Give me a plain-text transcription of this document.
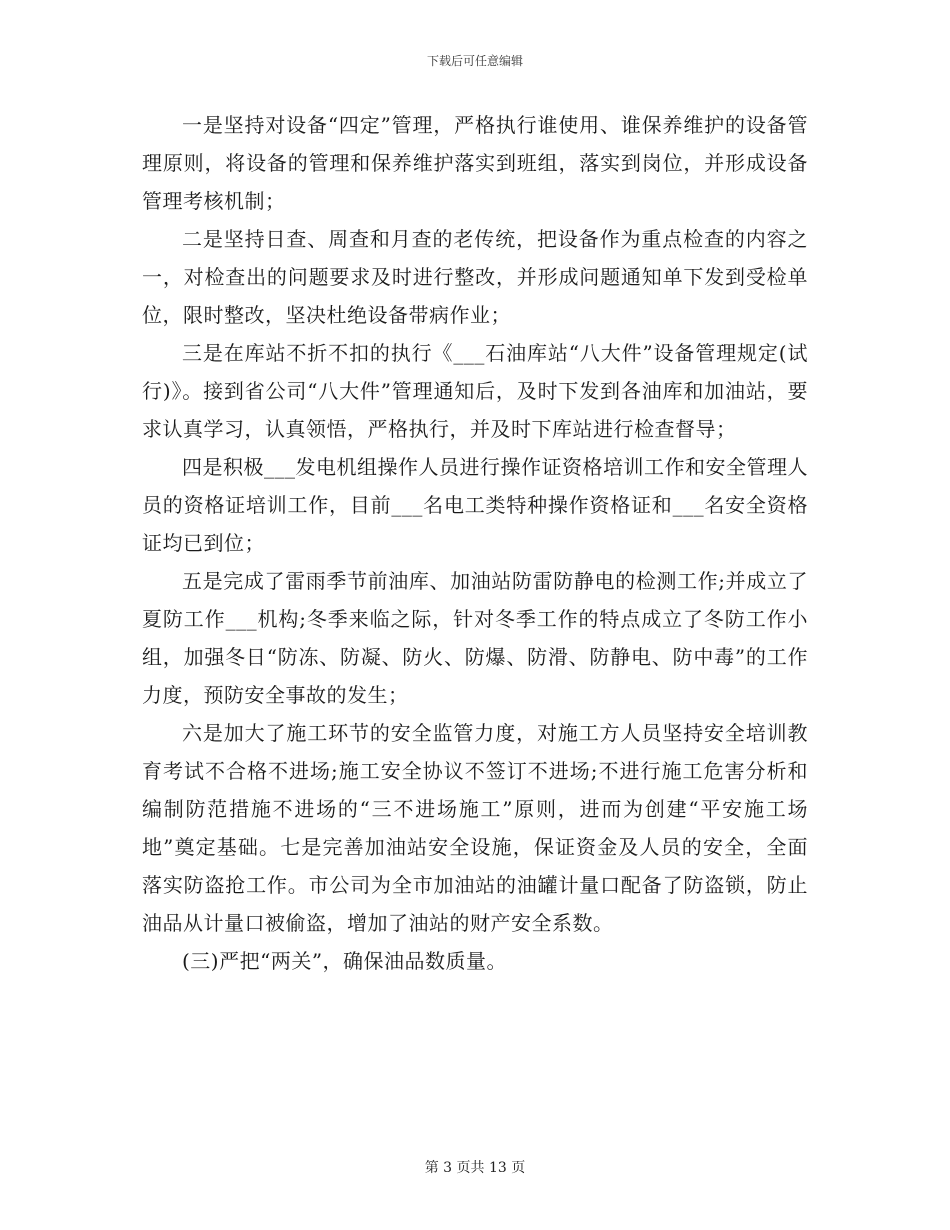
下载后可任意编辑

一是坚持对设备“四定”管理，严格执行谁使用、谁保养维护的设备管理原则，将设备的管理和保养维护落实到班组，落实到岗位，并形成设备管理考核机制；

二是坚持日查、周查和月查的老传统，把设备作为重点检查的内容之一，对检查出的问题要求及时进行整改，并形成问题通知单下发到受检单位，限时整改，坚决杜绝设备带病作业；

三是在库站不折不扣的执行《___石油库站“八大件”设备管理规定(试行)》。接到省公司“八大件”管理通知后，及时下发到各油库和加油站，要求认真学习，认真领悟，严格执行，并及时下库站进行检查督导；

四是积极___发电机组操作人员进行操作证资格培训工作和安全管理人员的资格证培训工作，目前___名电工类特种操作资格证和___名安全资格证均已到位；

五是完成了雷雨季节前油库、加油站防雷防静电的检测工作;并成立了夏防工作___机构;冬季来临之际，针对冬季工作的特点成立了冬防工作小组，加强冬日“防冻、防凝、防火、防爆、防滑、防静电、防中毒”的工作力度，预防安全事故的发生；

六是加大了施工环节的安全监管力度，对施工方人员坚持安全培训教育考试不合格不进场;施工安全协议不签订不进场;不进行施工危害分析和编制防范措施不进场的“三不进场施工”原则，进而为创建“平安施工场地”奠定基础。七是完善加油站安全设施，保证资金及人员的安全，全面落实防盗抢工作。市公司为全市加油站的油罐计量口配备了防盗锁，防止油品从计量口被偷盗，增加了油站的财产安全系数。

(三)严把“两关”，确保油品数质量。

第 3 页共 13 页
